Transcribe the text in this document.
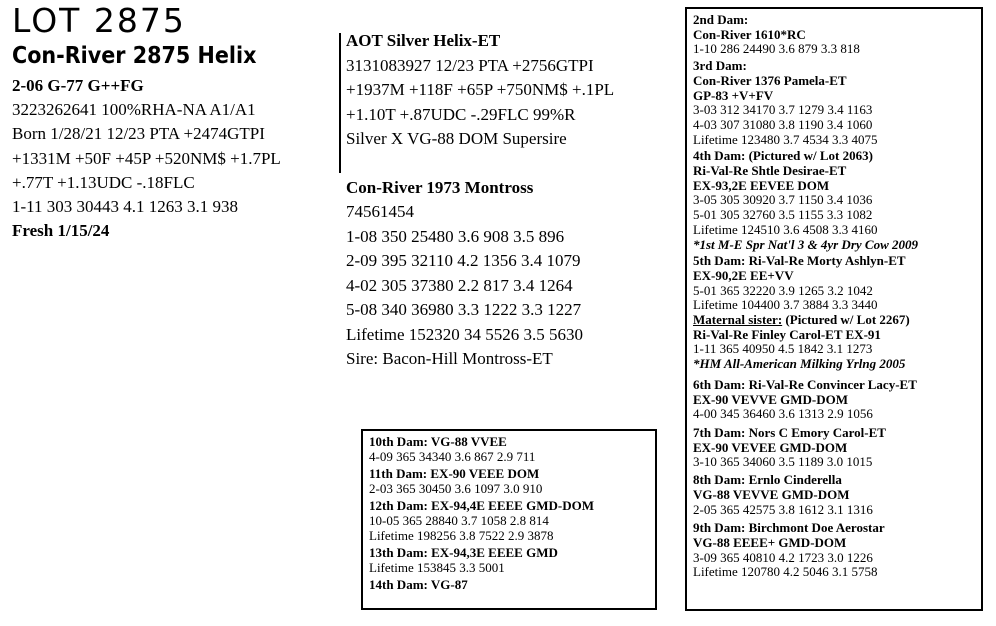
LOT 2875
Con-River 2875 Helix
2-06 G-77 G++FG
3223262641 100%RHA-NA A1/A1
Born 1/28/21 12/23 PTA +2474GTPI
+1331M +50F +45P +520NM$ +1.7PL
+.77T +1.13UDC -.18FLC
1-11 303 30443 4.1 1263 3.1 938
Fresh 1/15/24
AOT Silver Helix-ET
3131083927 12/23 PTA +2756GTPI
+1937M +118F +65P +750NM$ +.1PL
+1.10T +.87UDC -.29FLC 99%R
Silver X VG-88 DOM Supersire
Con-River 1973 Montross
74561454
1-08 350 25480 3.6 908 3.5 896
2-09 395 32110 4.2 1356 3.4 1079
4-02 305 37380 2.2 817 3.4 1264
5-08 340 36980 3.3 1222 3.3 1227
Lifetime 152320 34 5526 3.5 5630
Sire: Bacon-Hill Montross-ET
10th Dam: VG-88 VVEE
4-09 365 34340 3.6 867 2.9 711
11th Dam: EX-90 VEEE DOM
2-03 365 30450 3.6 1097 3.0 910
12th Dam: EX-94,4E EEEE GMD-DOM
10-05 365 28840 3.7 1058 2.8 814
Lifetime 198256 3.8 7522 2.9 3878
13th Dam: EX-94,3E EEEE GMD
Lifetime 153845 3.3 5001
14th Dam: VG-87
2nd Dam:
Con-River 1610*RC
1-10 286 24490 3.6 879 3.3 818
3rd Dam:
Con-River 1376 Pamela-ET
GP-83 +V+FV
3-03 312 34170 3.7 1279 3.4 1163
4-03 307 31080 3.8 1190 3.4 1060
Lifetime 123480 3.7 4534 3.3 4075
4th Dam: (Pictured w/ Lot 2063)
Ri-Val-Re Shtle Desirae-ET
EX-93,2E EEVEE DOM
3-05 305 30920 3.7 1150 3.4 1036
5-01 305 32760 3.5 1155 3.3 1082
Lifetime 124510 3.6 4508 3.3 4160
*1st M-E Spr Nat'l 3 & 4yr Dry Cow 2009
5th Dam: Ri-Val-Re Morty Ashlyn-ET
EX-90,2E EE+VV
5-01 365 32220 3.9 1265 3.2 1042
Lifetime 104400 3.7 3884 3.3 3440
Maternal sister: (Pictured w/ Lot 2267)
Ri-Val-Re Finley Carol-ET EX-91
1-11 365 40950 4.5 1842 3.1 1273
*HM All-American Milking Yrlng 2005
6th Dam: Ri-Val-Re Convincer Lacy-ET
EX-90 VEVVE GMD-DOM
4-00 345 36460 3.6 1313 2.9 1056
7th Dam: Nors C Emory Carol-ET
EX-90 VEVEE GMD-DOM
3-10 365 34060 3.5 1189 3.0 1015
8th Dam: Ernlo Cinderella
VG-88 VEVVE GMD-DOM
2-05 365 42575 3.8 1612 3.1 1316
9th Dam: Birchmont Doe Aerostar
VG-88 EEEE+ GMD-DOM
3-09 365 40810 4.2 1723 3.0 1226
Lifetime 120780 4.2 5046 3.1 5758
